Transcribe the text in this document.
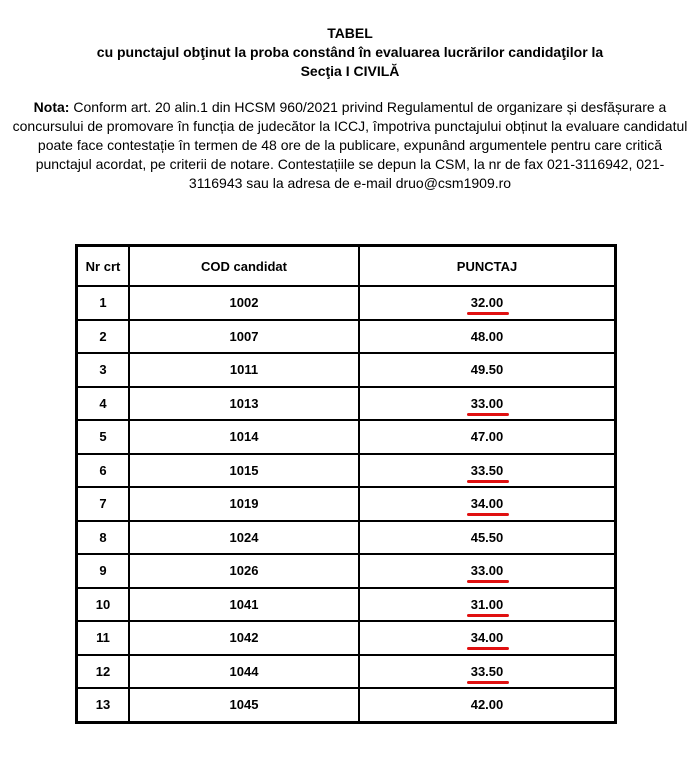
TABEL
cu punctajul obţinut la proba constând în evaluarea lucrărilor candidaţilor la
Secţia I CIVILĂ
Nota: Conform art. 20 alin.1 din HCSM 960/2021 privind Regulamentul de organizare și desfășurare a concursului de promovare în funcția de judecător la ICCJ, împotriva punctajului obținut la evaluare candidatul poate face contestație în termen de 48 ore de la publicare, expunând argumentele pentru care critică punctajul acordat, pe criterii de notare. Contestațiile se depun la CSM, la nr de fax 021-3116942, 021-3116943 sau la adresa de e-mail druo@csm1909.ro
Nr crt	COD candidat	PUNCTAJ
1	1002	32.00
2	1007	48.00
3	1011	49.50
4	1013	33.00
5	1014	47.00
6	1015	33.50
7	1019	34.00
8	1024	45.50
9	1026	33.00
10	1041	31.00
11	1042	34.00
12	1044	33.50
13	1045	42.00
